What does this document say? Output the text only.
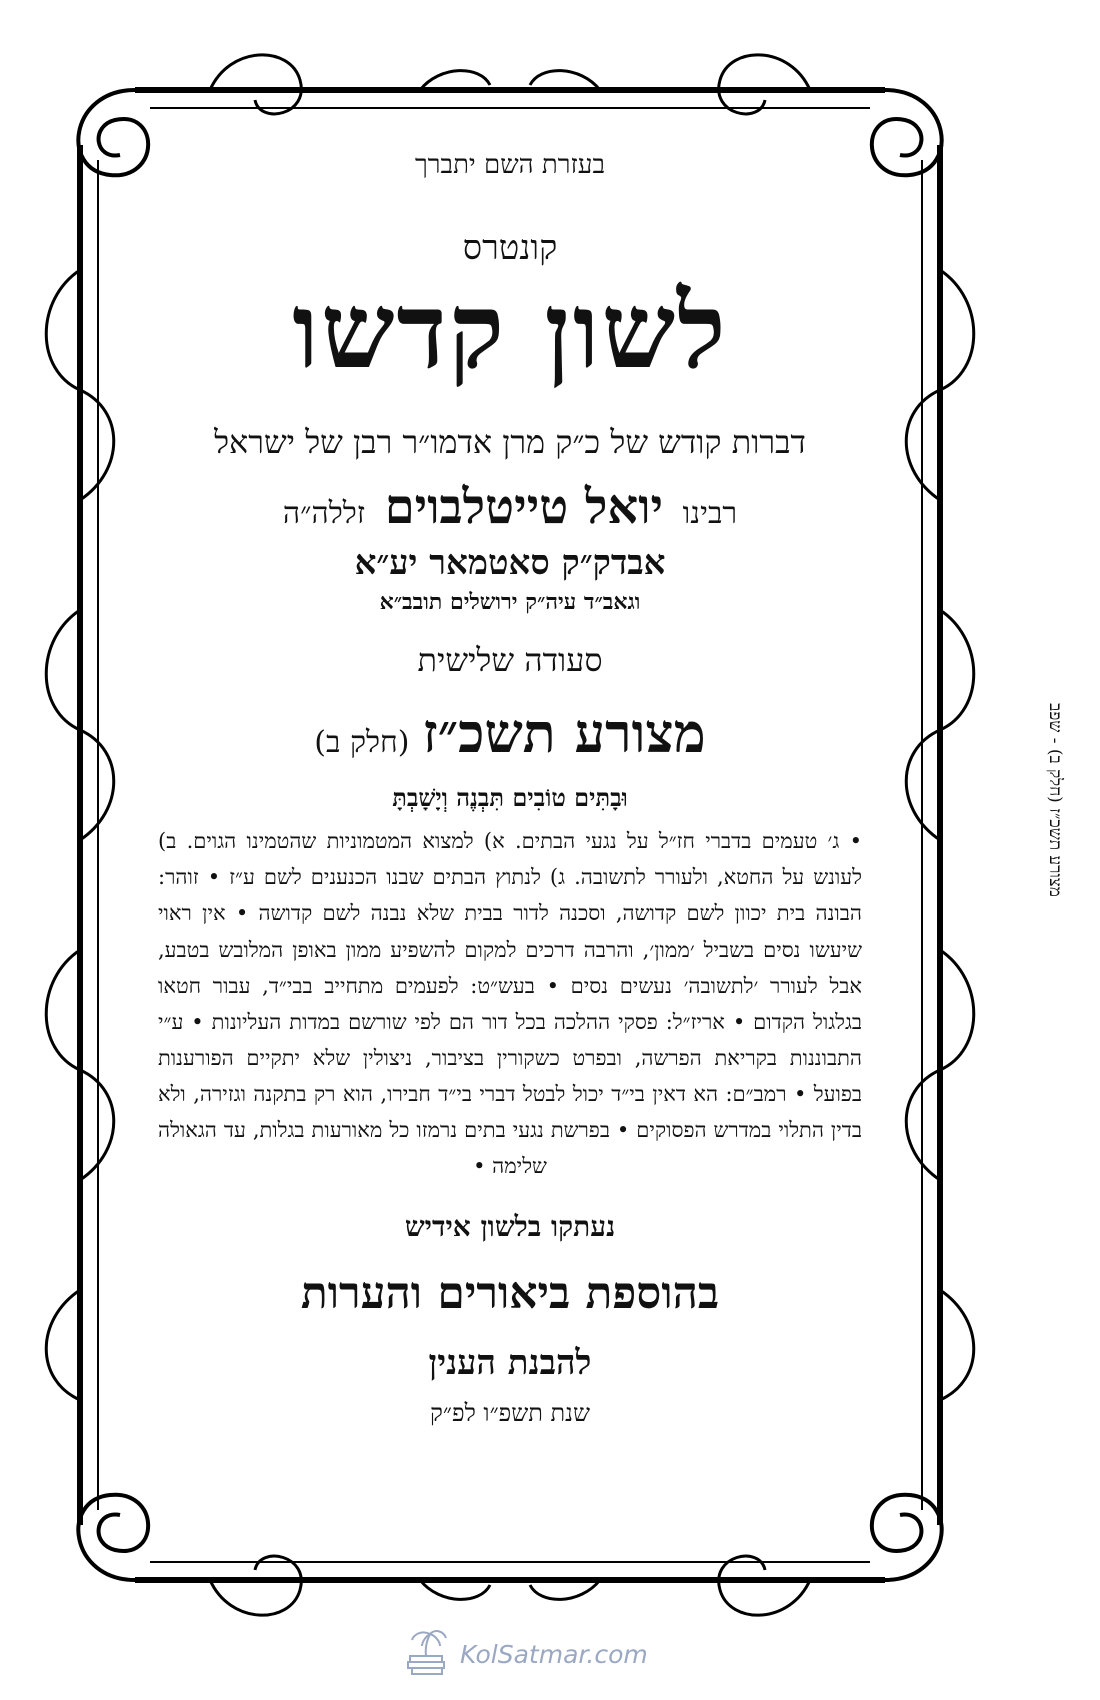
בעזרת השם יתברך
קונטרס
לשון קדשו
דברות קודש של כ״ק מרן אדמו״ר רבן של ישראל
רבינו יואל טייטלבוים זללה״ה
אבדק״ק סאטמאר יע״א
וגאב״ד עיה״ק ירושלים תובב״א
סעודה שלישית
מצורע תשכ״ז (חלק ב)
וּבָתִּים טוֹבִים תִּבְנֶה וְיָשָׁבְתָּ
• ג׳ טעמים בדברי חז״ל על נגעי הבתים. א) למצוא המטמוניות שהטמינו הגוים. ב) לעונש על החטא, ולעורר לתשובה. ג) לנתוץ הבתים שבנו הכנענים לשם ע״ז • זוהר: הבונה בית יכוון לשם קדושה, וסכנה לדור בבית שלא נבנה לשם קדושה • אין ראוי שיעשו נסים בשביל ׳ממון׳, והרבה דרכים למקום להשפיע ממון באופן המלובש בטבע, אבל לעורר ׳לתשובה׳ נעשים נסים • בעש״ט: לפעמים מתחייב בבי״ד, עבור חטאו בגלגול הקדום • אריז״ל: פסקי ההלכה בכל דור הם לפי שורשם במדות העליונות • ע״י התבוננות בקריאת הפרשה, ובפרט כשקורין בציבור, ניצולין שלא יתקיים הפורענות בפועל • רמב״ם: הא דאין בי״ד יכול לבטל דברי בי״ד חבירו, הוא רק בתקנה וגזירה, ולא בדין התלוי במדרש הפסוקים • בפרשת נגעי בתים נרמזו כל מאורעות בגלות, עד הגאולה שלימה •
נעתקו בלשון אידיש
בהוספת ביאורים והערות
להבנת הענין
שנת תשפ״ו לפ״ק
מצורע תשכ״ז (חלק ב) - שפב
KolSatmar.com
